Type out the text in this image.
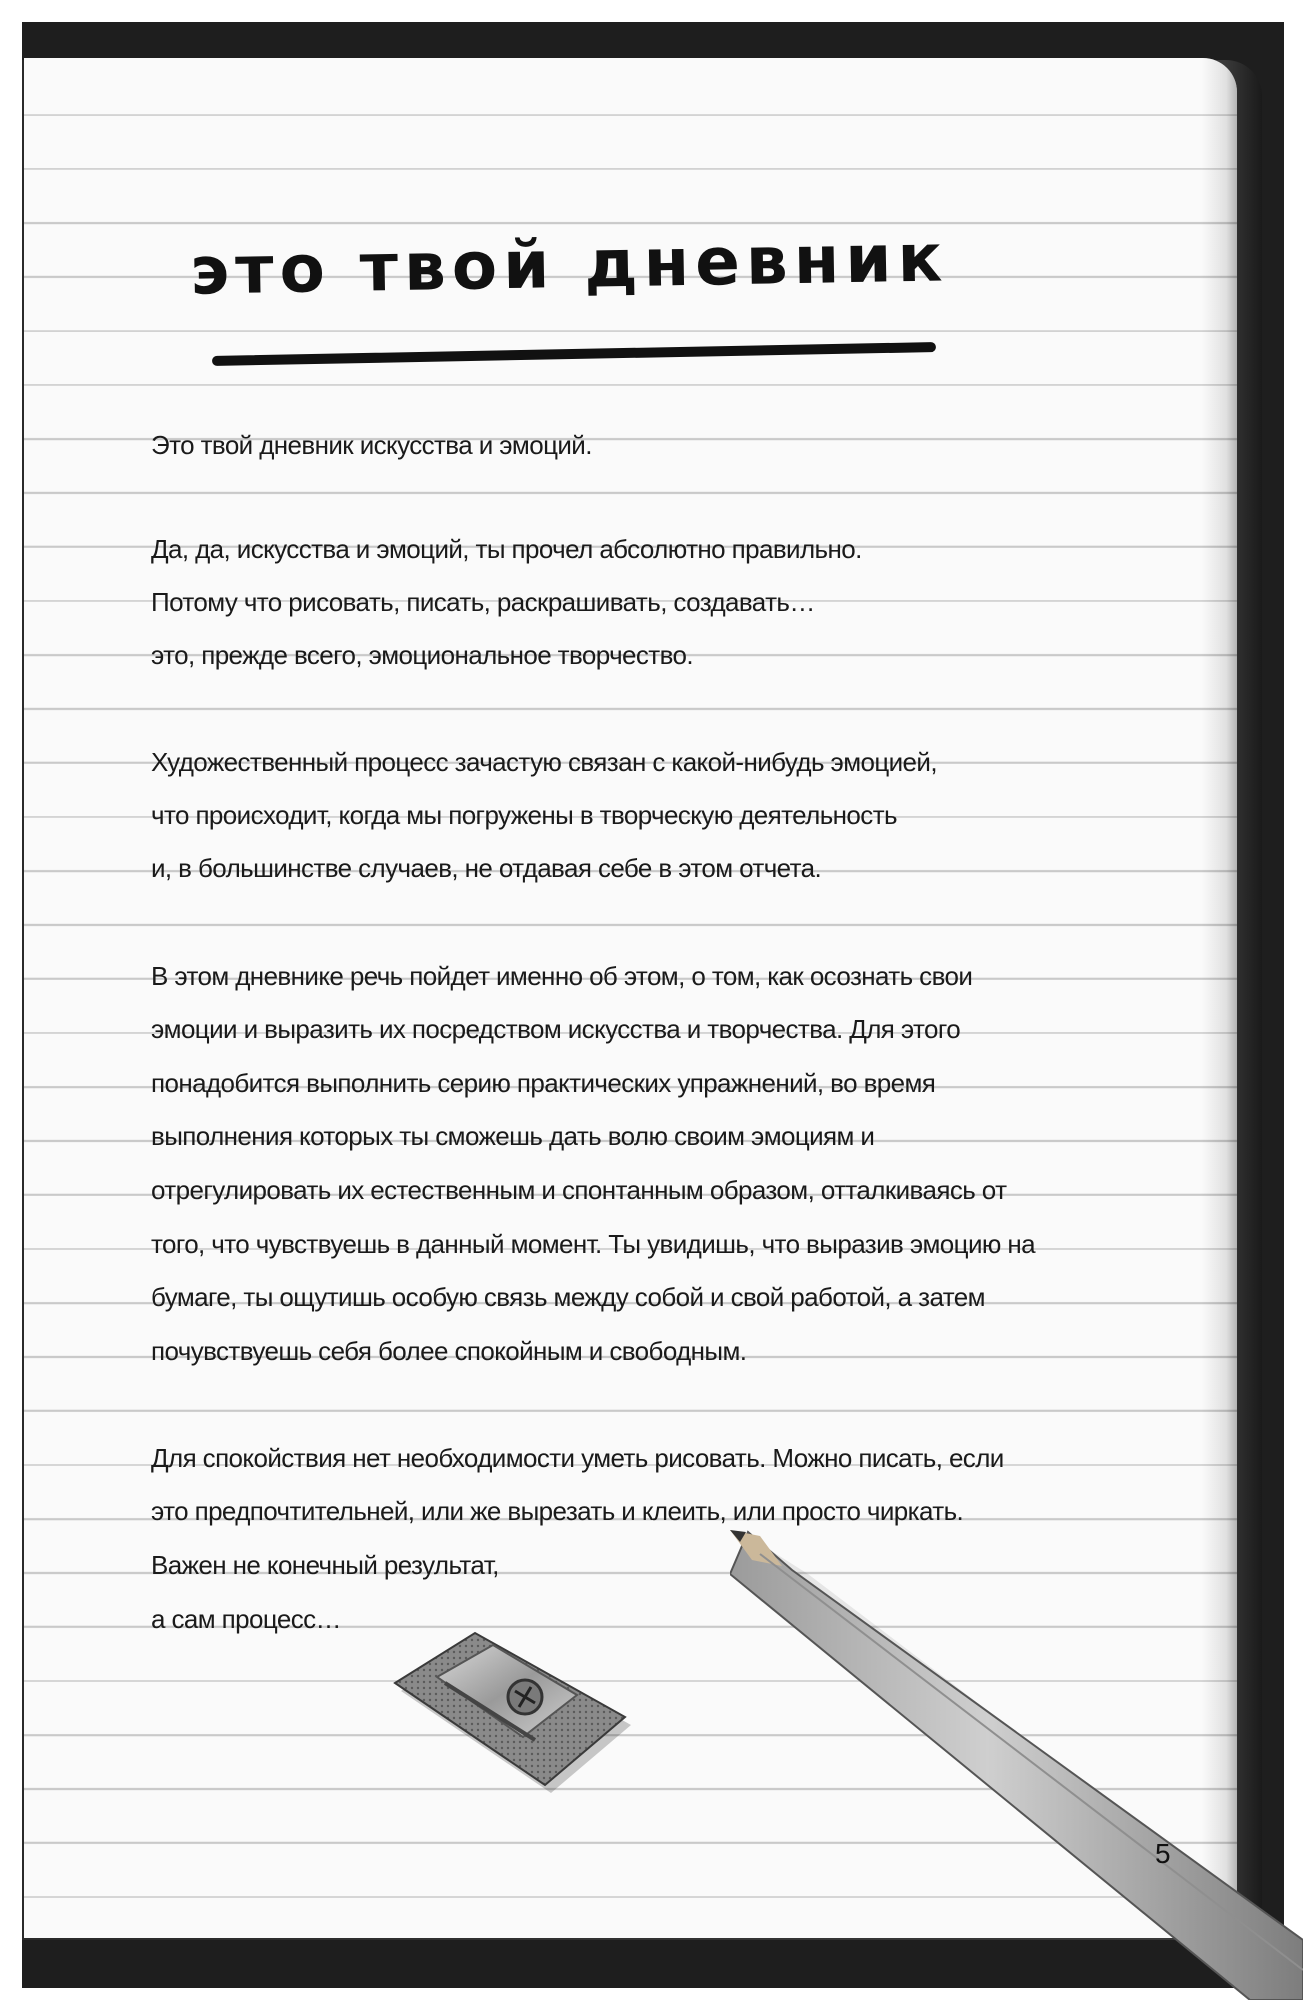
это твой дневник

Это твой дневник искусства и эмоций.

Да, да, искусства и эмоций, ты прочел абсолютно правильно.

Потому что рисовать, писать, раскрашивать, создавать…

это, прежде всего, эмоциональное творчество.

Художественный процесс зачастую связан с какой-нибудь эмоцией,

что происходит, когда мы погружены в творческую деятельность

и, в большинстве случаев, не отдавая себе в этом отчета.

В этом дневнике речь пойдет именно об этом, о том, как осознать свои

эмоции и выразить их посредством искусства и творчества. Для этого

понадобится выполнить серию практических упражнений, во время

выполнения которых ты сможешь дать волю своим эмоциям и

отрегулировать их естественным и спонтанным образом, отталкиваясь от

того, что чувствуешь в данный момент. Ты увидишь, что выразив эмоцию на

бумаге, ты ощутишь особую связь между собой и свой работой, а затем

почувствуешь себя более спокойным и свободным.

Для спокойствия нет необходимости уметь рисовать. Можно писать, если

это предпочтительней, или же вырезать и клеить, или просто чиркать.

Важен не конечный результат,

а сам процесс…

5
